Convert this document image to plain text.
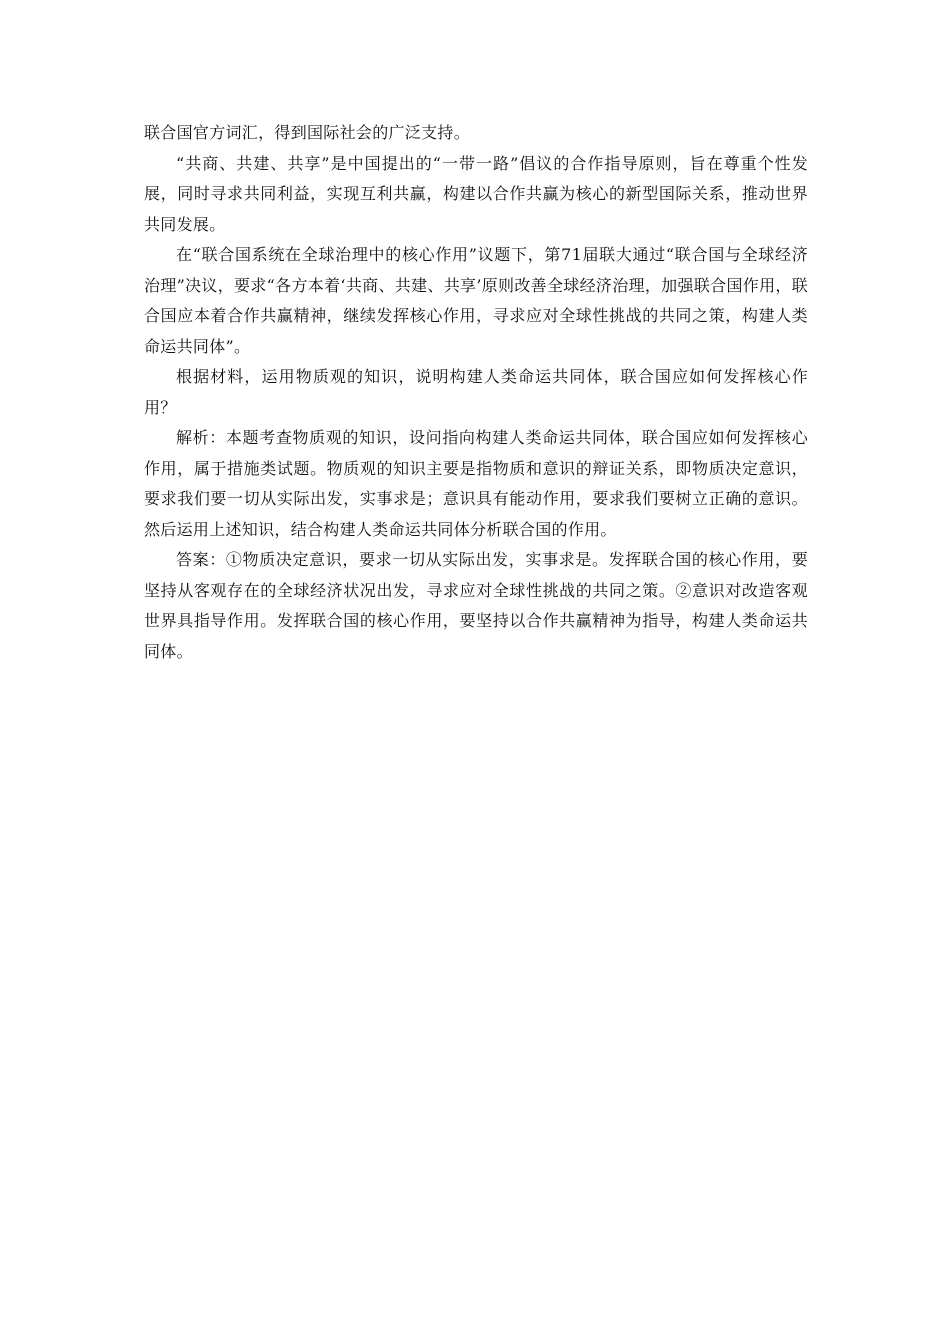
联合国官方词汇，得到国际社会的广泛支持。

“共商、共建、共享”是中国提出的“一带一路”倡议的合作指导原则，旨在尊重个性发展，同时寻求共同利益，实现互利共赢，构建以合作共赢为核心的新型国际关系，推动世界共同发展。

在“联合国系统在全球治理中的核心作用”议题下，第71届联大通过“联合国与全球经济治理”决议，要求“各方本着‘共商、共建、共享’原则改善全球经济治理，加强联合国作用，联合国应本着合作共赢精神，继续发挥核心作用，寻求应对全球性挑战的共同之策，构建人类命运共同体”。

根据材料，运用物质观的知识，说明构建人类命运共同体，联合国应如何发挥核心作用？

解析：本题考查物质观的知识，设问指向构建人类命运共同体，联合国应如何发挥核心作用，属于措施类试题。物质观的知识主要是指物质和意识的辩证关系，即物质决定意识，要求我们要一切从实际出发，实事求是；意识具有能动作用，要求我们要树立正确的意识。然后运用上述知识，结合构建人类命运共同体分析联合国的作用。

答案：①物质决定意识，要求一切从实际出发，实事求是。发挥联合国的核心作用，要坚持从客观存在的全球经济状况出发，寻求应对全球性挑战的共同之策。②意识对改造客观世界具指导作用。发挥联合国的核心作用，要坚持以合作共赢精神为指导，构建人类命运共同体。
